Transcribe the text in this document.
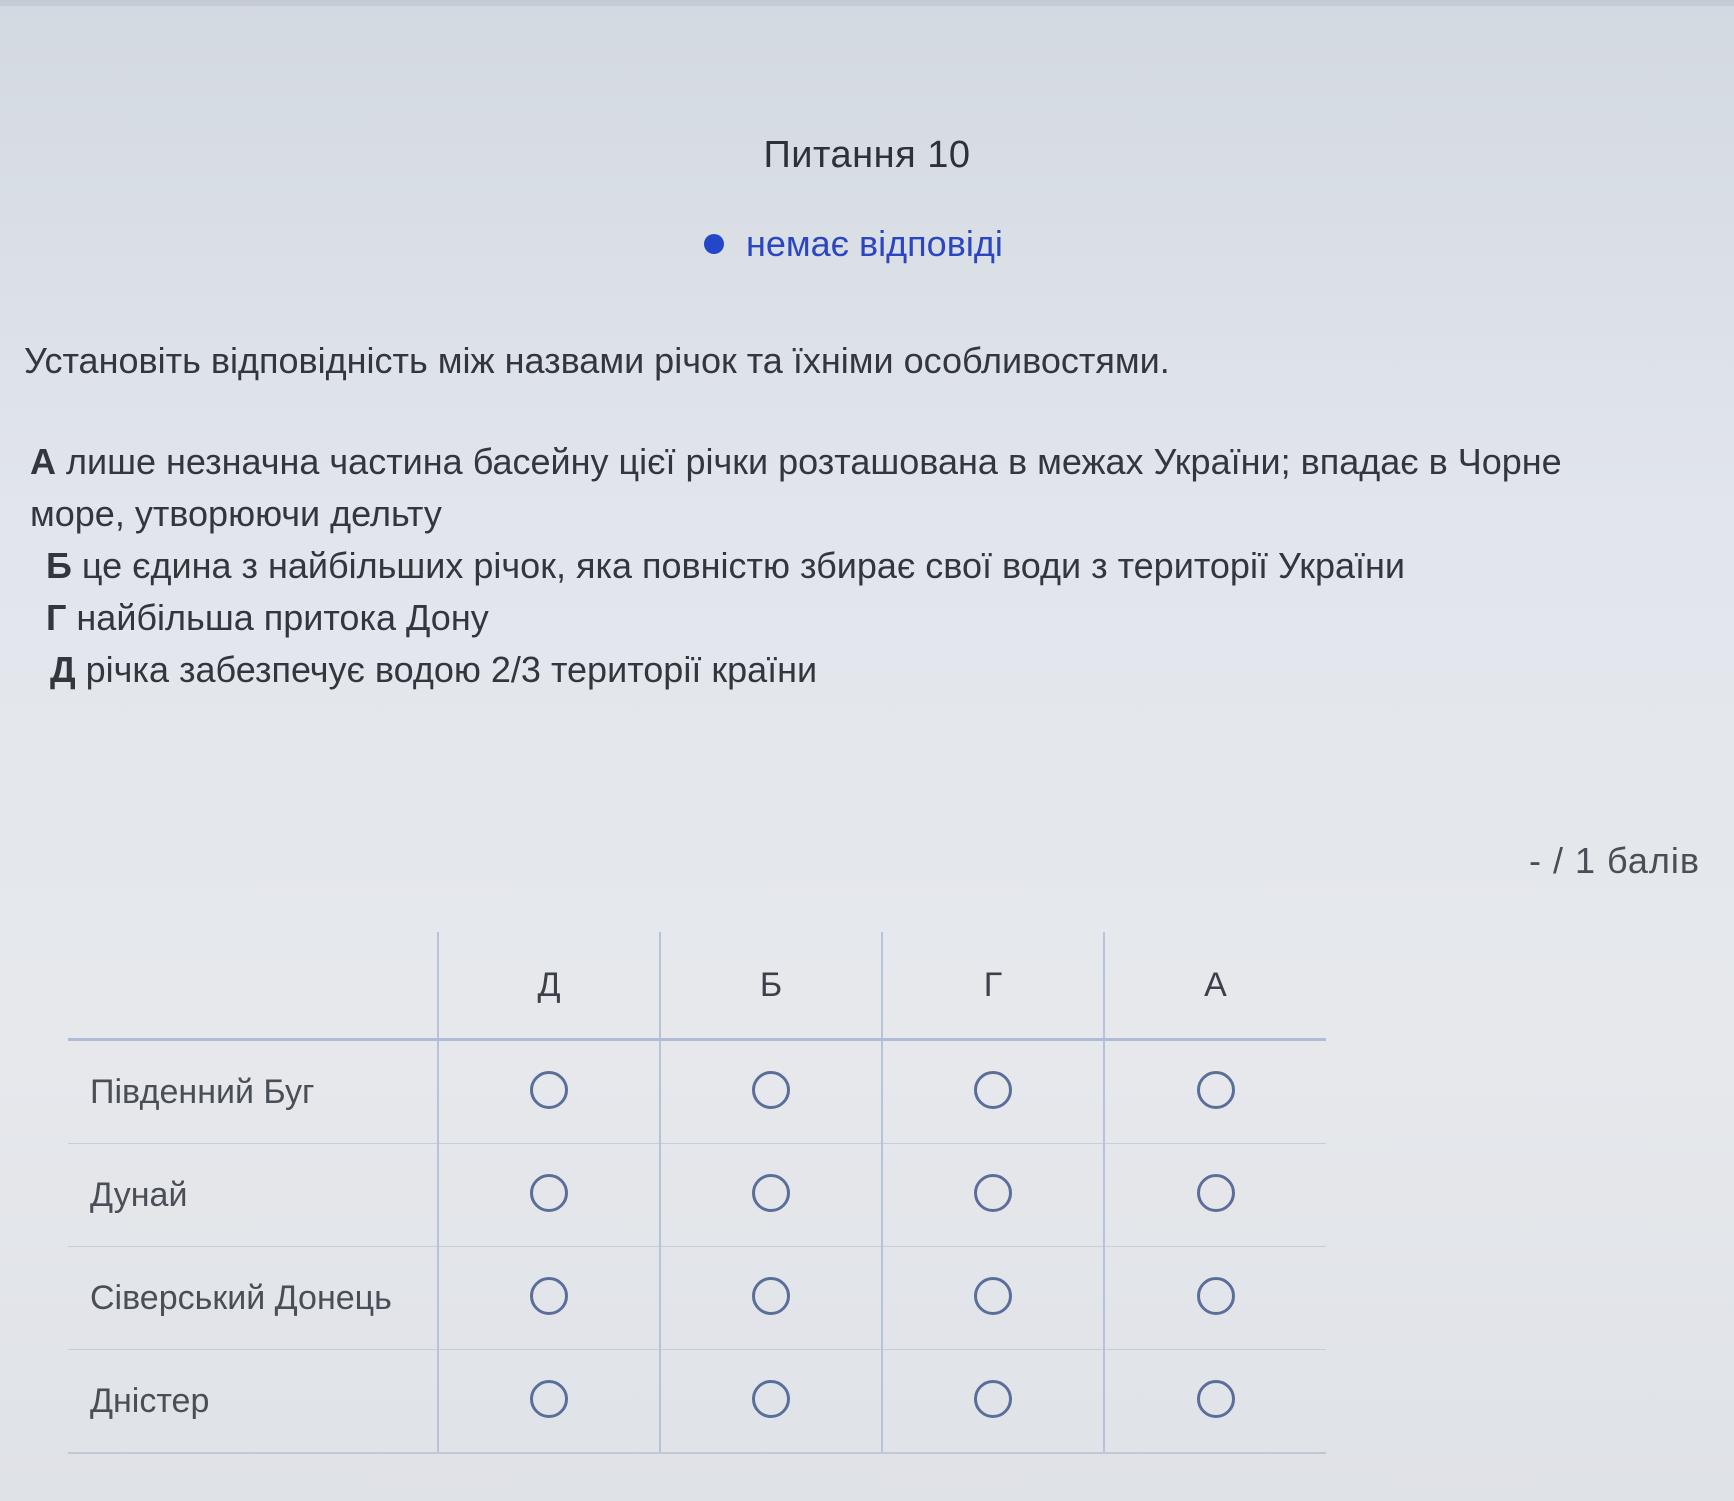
Питання 10
немає відповіді
Установіть відповідність між назвами річок та їхніми особливостями.
А лише незначна частина басейну цієї річки розташована в межах України; впадає в Чорне
море, утворюючи дельту
Б це єдина з найбільших річок, яка повністю збирає свої води з території України
Г найбільша притока Дону
Д річка забезпечує водою 2/3 території країни
- / 1 балів
	Д	Б	Г	А
Південний Буг				
Дунай				
Сіверський Донець				
Дністер				
